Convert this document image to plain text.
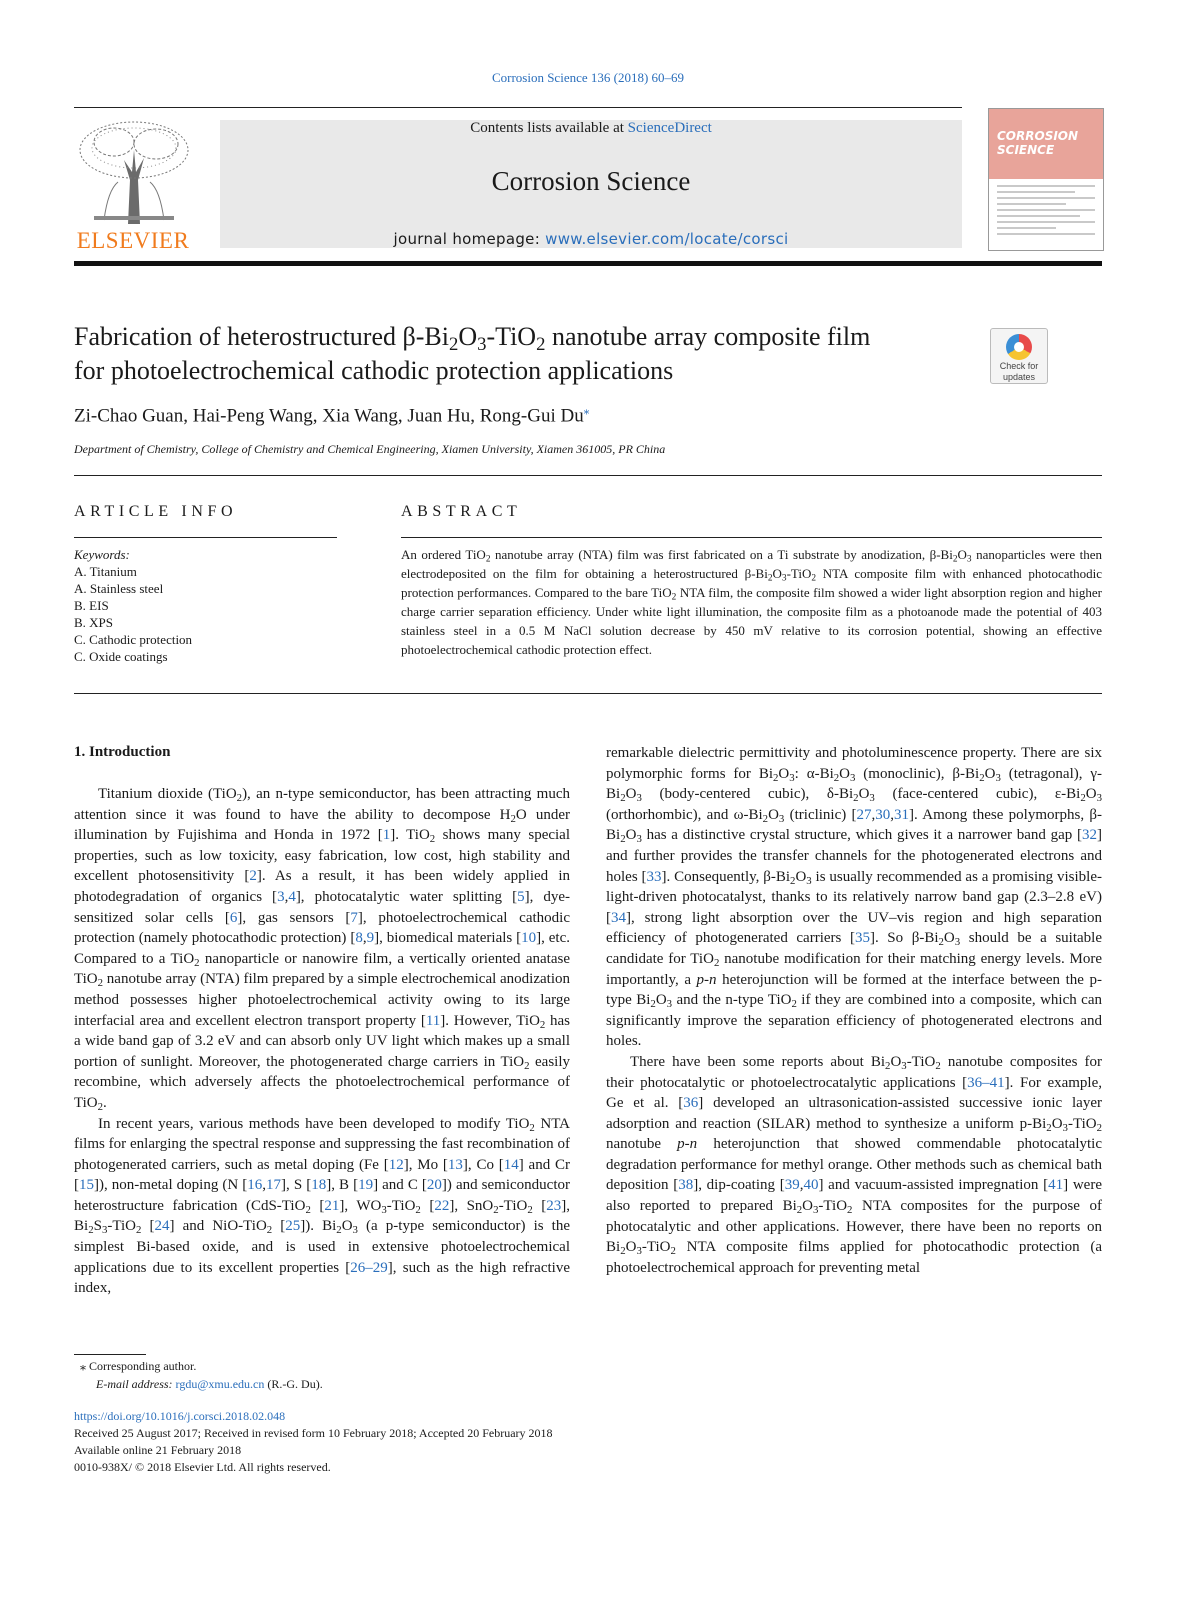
Corrosion Science 136 (2018) 60–69
ELSEVIER
Contents lists available at ScienceDirect
Corrosion Science
journal homepage: www.elsevier.com/locate/corsci
CORROSION
SCIENCE
Fabrication of heterostructured $\beta-Bi_2O_3-TiO_2$ nanotube array composite film
for photoelectrochemical cathodic protection applications	Check for
updates
Zi-Chao Guan, Hai-Peng Wang, Xia Wang, Juan Hu, Rong-Gui Du⁎
Department of Chemistry, College of Chemistry and Chemical Engineering, Xiamen University, Xiamen 361005, PR China
ARTICLE INFO
Keywords:
A. Titanium
A. Stainless steel
B. EIS
B. XPS
C. Cathodic protection
C. Oxide coatings
ABSTRACT
An ordered TiO$_2$ nanotube array (NTA) film was first fabricated on a Ti substrate by anodization, $\beta-Bi_2O_3$ nanoparticles were then electrodeposited on the film for obtaining a heterostructured $\beta-Bi_2O_3-TiO_2$ NTA composite film with enhanced photocathodic protection performances. Compared to the bare TiO$_2$ NTA film, the composite film showed a wider light absorption region and higher charge carrier separation efficiency. Under white light illumination, the composite film as a photoanode made the potential of 403 stainless steel in a 0.5 M NaCl solution decrease by 450 mV relative to its corrosion potential, showing an effective photoelectrochemical cathodic protection effect.
1. Introduction

Titanium dioxide (TiO$_2$), an n-type semiconductor, has been attracting much attention since it was found to have the ability to decompose $H_2O$ under illumination by Fujishima and Honda in 1972 [1]. TiO$_2$ shows many special properties, such as low toxicity, easy fabrication, low cost, high stability and excellent photosensitivity [2]. As a result, it has been widely applied in photodegradation of organics [3,4], photocatalytic water splitting [5], dye-sensitized solar cells [6], gas sensors [7], photoelectrochemical cathodic protection (namely photocathodic protection) [8,9], biomedical materials [10], etc. Compared to a TiO$_2$ nanoparticle or nanowire film, a vertically oriented anatase TiO$_2$ nanotube array (NTA) film prepared by a simple electrochemical anodization method possesses higher photoelectrochemical activity owing to its large interfacial area and excellent electron transport property [11]. However, TiO$_2$ has a wide band gap of 3.2 eV and can absorb only UV light which makes up a small portion of sunlight. Moreover, the photogenerated charge carriers in TiO$_2$ easily recombine, which adversely affects the photoelectrochemical performance of TiO$_2$.

In recent years, various methods have been developed to modify TiO$_2$ NTA films for enlarging the spectral response and suppressing the fast recombination of photogenerated carriers, such as metal doping (Fe [12], Mo [13], Co [14] and Cr [15]), non-metal doping (N [16,17], S [18], B [19] and C [20]) and semiconductor heterostructure fabrication (CdS-TiO$_2$ [21], $WO_3-TiO_2$ [22], SnO$_2$-TiO$_2$ [23], $Bi_2S_3-TiO_2$ [24] and NiO-TiO$_2$ [25]). $Bi_2O_3$ (a p-type semiconductor) is the simplest Bi-based oxide, and is used in extensive photoelectrochemical applications due to its excellent properties [26–29], such as the high refractive index,

remarkable dielectric permittivity and photoluminescence property. There are six polymorphic forms for $Bi_2O_3$: $\alpha-Bi_2O_3$ (monoclinic), $\beta-Bi_2O_3$ (tetragonal), $\gamma-Bi_2O_3$ (body-centered cubic), $\delta-Bi_2O_3$ (face-centered cubic), $\varepsilon-Bi_2O_3$ (orthorhombic), and $\omega-Bi_2O_3$ (triclinic) [27,30,31]. Among these polymorphs, $\beta-Bi_2O_3$ has a distinctive crystal structure, which gives it a narrower band gap [32] and further provides the transfer channels for the photogenerated electrons and holes [33]. Consequently, $\beta-Bi_2O_3$ is usually recommended as a promising visible-light-driven photocatalyst, thanks to its relatively narrow band gap (2.3–2.8 eV) [34], strong light absorption over the UV–vis region and high separation efficiency of photogenerated carriers [35]. So $\beta-Bi_2O_3$ should be a suitable candidate for TiO$_2$ nanotube modification for their matching energy levels. More importantly, a p-n heterojunction will be formed at the interface between the p-type $Bi_2O_3$ and the n-type TiO$_2$ if they are combined into a composite, which can significantly improve the separation efficiency of photogenerated electrons and holes.

There have been some reports about $Bi_2O_3-TiO_2$ nanotube composites for their photocatalytic or photoelectrocatalytic applications [36–41]. For example, Ge et al. [36] developed an ultrasonication-assisted successive ionic layer adsorption and reaction (SILAR) method to synthesize a uniform $p-Bi_2O_3-TiO_2$ nanotube p-n heterojunction that showed commendable photocatalytic degradation performance for methyl orange. Other methods such as chemical bath deposition [38], dip-coating [39,40] and vacuum-assisted impregnation [41] were also reported to prepared $Bi_2O_3-TiO_2$ NTA composites for the purpose of photocatalytic and other applications. However, there have been no reports on $Bi_2O_3-TiO_2$ NTA composite films applied for photocathodic protection (a photoelectrochemical approach for preventing metal

⁎ Corresponding author.
E-mail address: rgdu@xmu.edu.cn (R.-G. Du).
https://doi.org/10.1016/j.corsci.2018.02.048
Received 25 August 2017; Received in revised form 10 February 2018; Accepted 20 February 2018
Available online 21 February 2018
0010-938X/ © 2018 Elsevier Ltd. All rights reserved.
